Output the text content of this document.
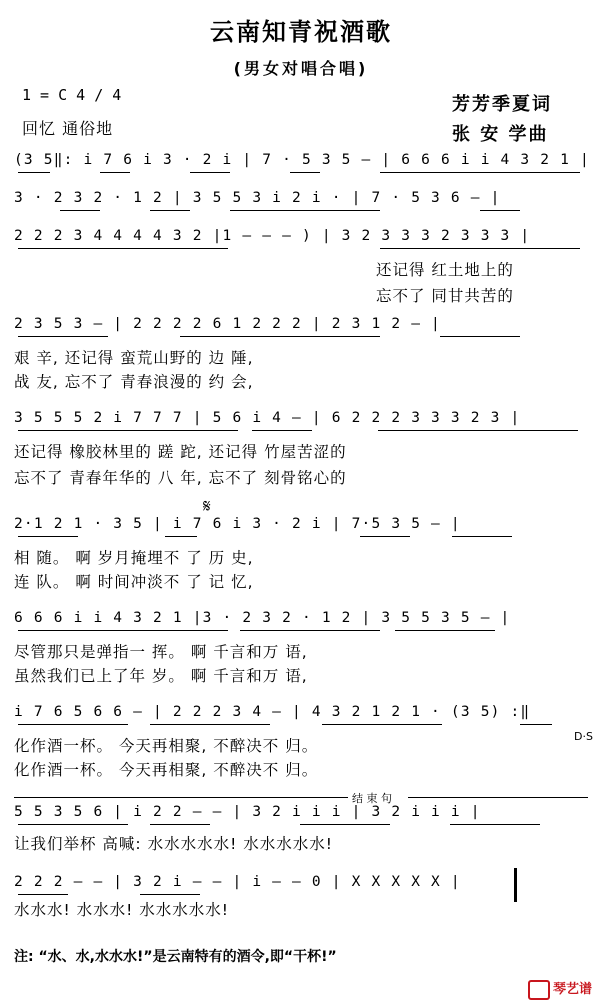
云南知青祝酒歌
(男女对唱合唱)
1 = C 4 / 4
回忆 通俗地
芳芳季夏词
张 安 学曲
(3 5‖: i 7 6 i 3 · 2 i | 7 · 5 3 5 — | 6 6 6 i i 4 3 2 1 |
3 · 2 3 2 · 1 2 | 3 5 5 3 i 2 i · | 7 · 5 3 6 — |
2 2 2 3 4 4 4 4 3 2 |1 — — — ) | 3 2 3 3 3 2 3 3 3 |
还记得 红土地上的
忘不了 同甘共苦的
2 3 5 3 — | 2 2 2 2 6 1 2 2 2 | 2 3 1 2 — |
艰 辛, 还记得 蛮荒山野的 边 陲,
战 友, 忘不了 青春浪漫的 约 会,
3 5 5 5 2 i 7 7 7 | 5 6 i 4 — | 6 2 2 2 3 3 3 2 3 |
还记得 橡胶林里的 蹉 跎, 还记得 竹屋苦涩的
忘不了 青春年华的 八 年, 忘不了 刻骨铭心的
𝄋
2·1 2 1 · 3 5 | i 7 6 i 3 · 2 i | 7·5 3 5 — |
相 随。 啊 岁月掩埋不 了 历 史,
连 队。 啊 时间冲淡不 了 记 忆,
6 6 6 i i 4 3 2 1 |3 · 2 3 2 · 1 2 | 3 5 5 3 5 — |
尽管那只是弹指一 挥。 啊 千言和万 语,
虽然我们已上了年 岁。 啊 千言和万 语,
i 7 6 5 6 6 — | 2 2 2 3 4 — | 4 3 2 1 2 1 · (3 5) :‖
D·S
化作酒一杯。 今天再相聚, 不醉决不 归。
化作酒一杯。 今天再相聚, 不醉决不 归。
结 束 句
5 5 3 5 6 | i 2 2 — — | 3 2 i i i | 3 2 i i i |
让我们举杯 高喊: 水水水水水! 水水水水水!
2 2 2 — — | 3 2 i — — | i — — 0 | X X X X X |
水水水! 水水水! 水水水水水!
注: “水、水,水水水!”是云南特有的酒令,即“干杯!”
琴艺谱
